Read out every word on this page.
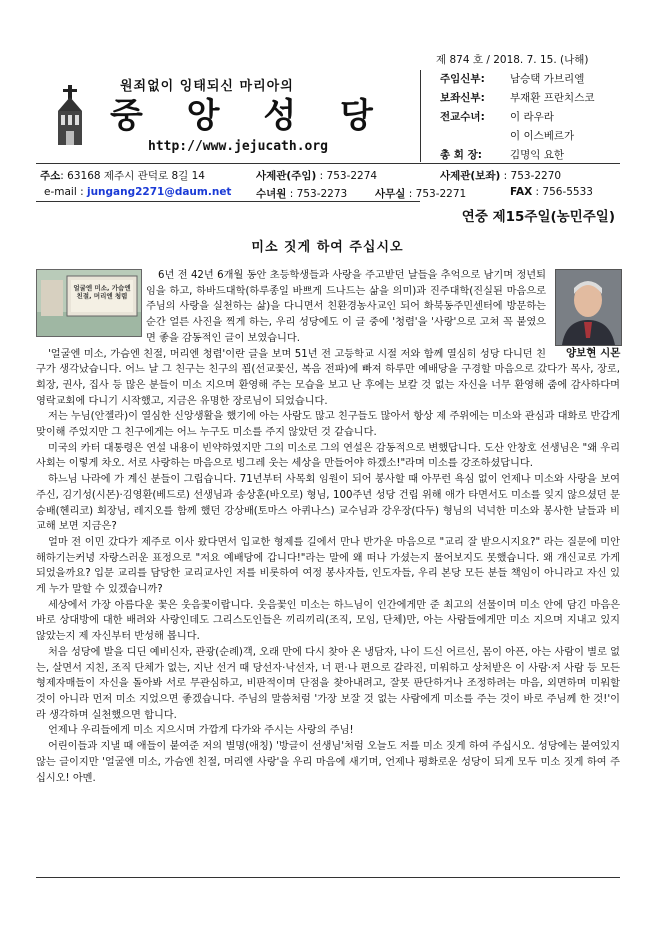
원죄없이 잉태되신 마리아의
중 앙 성 당
http://www.jejucath.org
제 874 호 / 2018. 7. 15. (나해)
주임신부: 남승택 가브리엘
보좌신부: 부재환 프란치스코
전교수녀: 이 라우라
이 이스베르가
총 회 장:	김명익 요한
주소: 63168 제주시 관덕로 8길 14	사제관(주임) : 753-2274	사제관(보좌) : 753-2270
e-mail : jungang2271@daum.net 수녀원 : 753-2273	사무실 : 753-2271	FAX : 756-5533
연중 제15주일(농민주일)
미소 짓게 하여 주십시오
얼굴엔 미소, 가슴엔 친절, 머리엔 청렴
양보현 시몬

6년 전 42년 6개월 동안 초등학생들과 사랑을 주고받던 날들을 추억으로 남기며 정년퇴임을 하고, 하바드대학(하루종일 바쁘게 드나드는 삶을 의미)과 진주대학(진실된 마음으로 주님의 사랑을 실천하는 삶)을 다니면서 친환경농사교인 되어 화북동주민센터에 방문하는 순간 얼른 사진을 찍게 하는, 우리 성당에도 이 글 중에 '청렴'을 '사랑'으로 고쳐 꼭 붙였으면 좋을 감동적인 글이 보였습니다.

'얼굴엔 미소, 가슴엔 친절, 머리엔 청렴'이란 글을 보며 51년 전 고등학교 시절 저와 함께 열심히 성당 다니던 친구가 생각났습니다. 어느 날 그 친구는 친구의 꾐(선교꽃신, 복음 전파)에 빠져 하루만 예배당을 구경할 마음으로 갔다가 목사, 장로, 회장, 권사, 집사 등 많은 분들이 미소 지으며 환영해 주는 모습을 보고 난 후에는 보칼 것 없는 자신을 너무 환영해 줌에 감사하다며 영락교회에 다니기 시작했고, 지금은 유명한 장로님이 되었습니다.

저는 누님(안젤라)이 열심한 신앙생활을 했기에 아는 사람도 많고 친구들도 많아서 항상 제 주위에는 미소와 관심과 대화로 반갑게 맞이해 주었지만 그 친구에게는 어느 누구도 미소를 주지 않았던 것 같습니다.

미국의 카터 대통령은 연설 내용이 빈약하였지만 그의 미소로 그의 연설은 감동적으로 변했답니다. 도산 안창호 선생님은 "왜 우리 사회는 이렇게 차오. 서로 사랑하는 마음으로 빙그레 웃는 세상을 만들어야 하겠소!"라며 미소를 강조하셨답니다.

하느님 나라에 가 계신 분들이 그립습니다. 71년부터 사목회 임원이 되어 봉사할 때 아무런 욕심 없이 언제나 미소와 사랑을 보여주신, 김기성(시몬)·김영환(베드로) 선생님과 송상훈(바오로) 형님, 100주년 성당 건립 위해 애가 타면서도 미소를 잊지 않으셨던 문승배(헨리코) 회장님, 레지오를 함께 했던 강상배(토마스 아퀴나스) 교수님과 강우장(다두) 형님의 넉넉한 미소와 봉사한 날들과 비교해 보면 지금은?

얼마 전 이민 갔다가 제주로 이사 왔다면서 입교한 형제를 길에서 만나 반가운 마음으로 "교리 잘 받으시지요?" 라는 질문에 미안해하기는커녕 자랑스러운 표정으로 "저요 예배당에 갑니다!"라는 말에 왜 떠나 가셨는지 물어보지도 못했습니다. 왜 개신교로 가게 되었을까요? 입문 교리를 담당한 교리교사인 저를 비롯하여 여정 봉사자들, 인도자들, 우리 본당 모든 분들 책임이 아니라고 자신 있게 누가 말할 수 있겠습니까?

세상에서 가장 아름다운 꽃은 웃음꽃이랍니다. 웃음꽃인 미소는 하느님이 인간에게만 준 최고의 선물이며 미소 안에 담긴 마음은 바로 상대방에 대한 배려와 사랑인데도 그리스도인들은 끼리끼리(조직, 모임, 단체)만, 아는 사람들에게만 미소 지으며 지내고 있지 않았는지 제 자신부터 반성해 봅니다.

처음 성당에 발을 디딘 예비신자, 관광(순례)객, 오래 만에 다시 찾아 온 냉담자, 나이 드신 어르신, 몸이 아픈, 아는 사람이 별로 없는, 살면서 지친, 조직 단체가 없는, 지난 선거 때 당선자·낙선자, 너 편·나 편으로 갈라진, 미워하고 상처받은 이 사람·저 사람 등 모든 형제자매들이 자신을 돌아봐 서로 무관심하고, 비판적이며 단점을 찾아내려고, 잘못 판단하거나 조정하려는 마음, 외면하며 미워할 것이 아니라 먼저 미소 지었으면 좋겠습니다. 주님의 말씀처럼 '가장 보잘 것 없는 사람에게 미소를 주는 것이 바로 주님께 한 것!'이라 생각하며 실천했으면 합니다.

언제나 우리들에게 미소 지으시며 가깝게 다가와 주시는 사랑의 주님!

어린이들과 지낼 때 애들이 붙여준 저의 별명(애칭) '방글이 선생님'처럼 오늘도 저를 미소 짓게 하여 주십시오. 성당에는 붙여있지 않는 글이지만 '얼굴엔 미소, 가슴엔 친절, 머리엔 사랑'을 우리 마음에 새기며, 언제나 평화로운 성당이 되게 모두 미소 짓게 하여 주십시오! 아멘.
